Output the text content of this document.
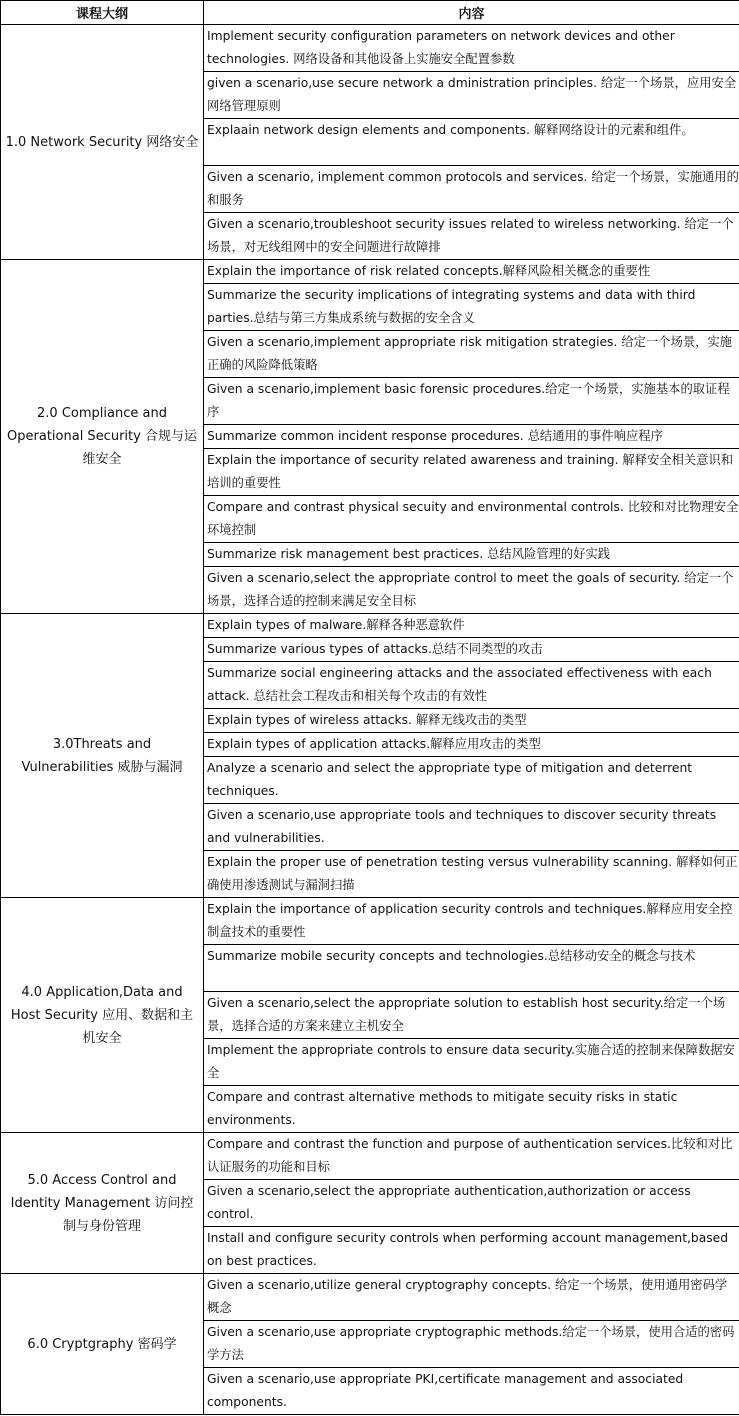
课程大纲	内容
1.0 Network Security 网络安全	Implement security configuration parameters on network devices and other technologies. 网络设备和其他设备上实施安全配置参数

	given a scenario,use secure network a dministration principles. 给定一个场景，应用安全网络管理原则

	Explaain network design elements and components. 解释网络设计的元素和组件。

	Given a scenario, implement common protocols and services. 给定一个场景，实施通用的和服务

	Given a scenario,troubleshoot security issues related to wireless networking. 给定一个场景，对无线组网中的安全问题进行故障排

2.0 Compliance and Operational Security 合规与运维安全	Explain the importance of risk related concepts.解释风险相关概念的重要性

	Summarize the security implications of integrating systems and data with third parties.总结与第三方集成系统与数据的安全含义

	Given a scenario,implement appropriate risk mitigation strategies. 给定一个场景，实施正确的风险降低策略

	Given a scenario,implement basic forensic procedures.给定一个场景，实施基本的取证程序

	Summarize common incident response procedures. 总结通用的事件响应程序

	Explain the importance of security related awareness and training. 解释安全相关意识和培训的重要性

	Compare and contrast physical secuity and environmental controls. 比较和对比物理安全环境控制

	Summarize risk management best practices. 总结风险管理的好实践

	Given a scenario,select the appropriate control to meet the goals of security. 给定一个场景，选择合适的控制来满足安全目标

3.0Threats and Vulnerabilities 威胁与漏洞	Explain types of malware.解释各种恶意软件

	Summarize various types of attacks.总结不同类型的攻击

	Summarize social engineering attacks and the associated effectiveness with each attack. 总结社会工程攻击和相关每个攻击的有效性

	Explain types of wireless attacks. 解释无线攻击的类型

	Explain types of application attacks.解释应用攻击的类型

	Analyze a scenario and select the appropriate type of mitigation and deterrent techniques.

	Given a scenario,use appropriate tools and techniques to discover security threats and vulnerabilities.

	Explain the proper use of penetration testing versus vulnerability scanning. 解释如何正确使用渗透测试与漏洞扫描

4.0 Application,Data and Host Security 应用、数据和主机安全	Explain the importance of application security controls and techniques.解释应用安全控制盒技术的重要性

	Summarize mobile security concepts and technologies.总结移动安全的概念与技术

	Given a scenario,select the appropriate solution to establish host security.给定一个场景，选择合适的方案来建立主机安全

	Implement the appropriate controls to ensure data security.实施合适的控制来保障数据安全

	Compare and contrast alternative methods to mitigate secuity risks in static environments.

5.0 Access Control and Identity Management 访问控制与身份管理	Compare and contrast the function and purpose of authentication services.比较和对比认证服务的功能和目标

	Given a scenario,select the appropriate authentication,authorization or access control.

	Install and configure security controls when performing account management,based on best practices.

6.0 Cryptgraphy 密码学	Given a scenario,utilize general cryptography concepts. 给定一个场景，使用通用密码学概念

	Given a scenario,use appropriate cryptographic methods.给定一个场景，使用合适的密码学方法

	Given a scenario,use appropriate PKI,certificate management and associated components.
